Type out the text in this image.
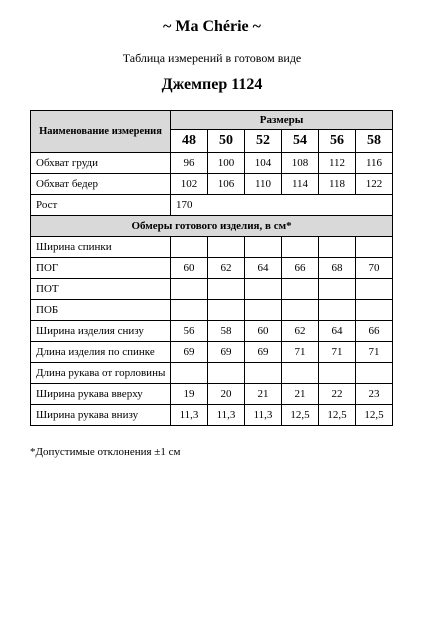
~ Ma Chérie ~
Таблица измерений в готовом виде
Джемпер 1124
Наименование измерения	Размеры					
	48	50	52	54	56	58
Обхват груди	96	100	104	108	112	116
Обхват бедер	102	106	110	114	118	122
Рост	170					
Обмеры готового изделия, в см*						
Ширина спинки						
ПОГ	60	62	64	66	68	70
ПОТ						
ПОБ						
Ширина изделия снизу	56	58	60	62	64	66
Длина изделия по спинке	69	69	69	71	71	71
Длина рукава от горловины						
Ширина рукава вверху	19	20	21	21	22	23
Ширина рукава внизу	11,3	11,3	11,3	12,5	12,5	12,5
*Допустимые отклонения ±1 см
